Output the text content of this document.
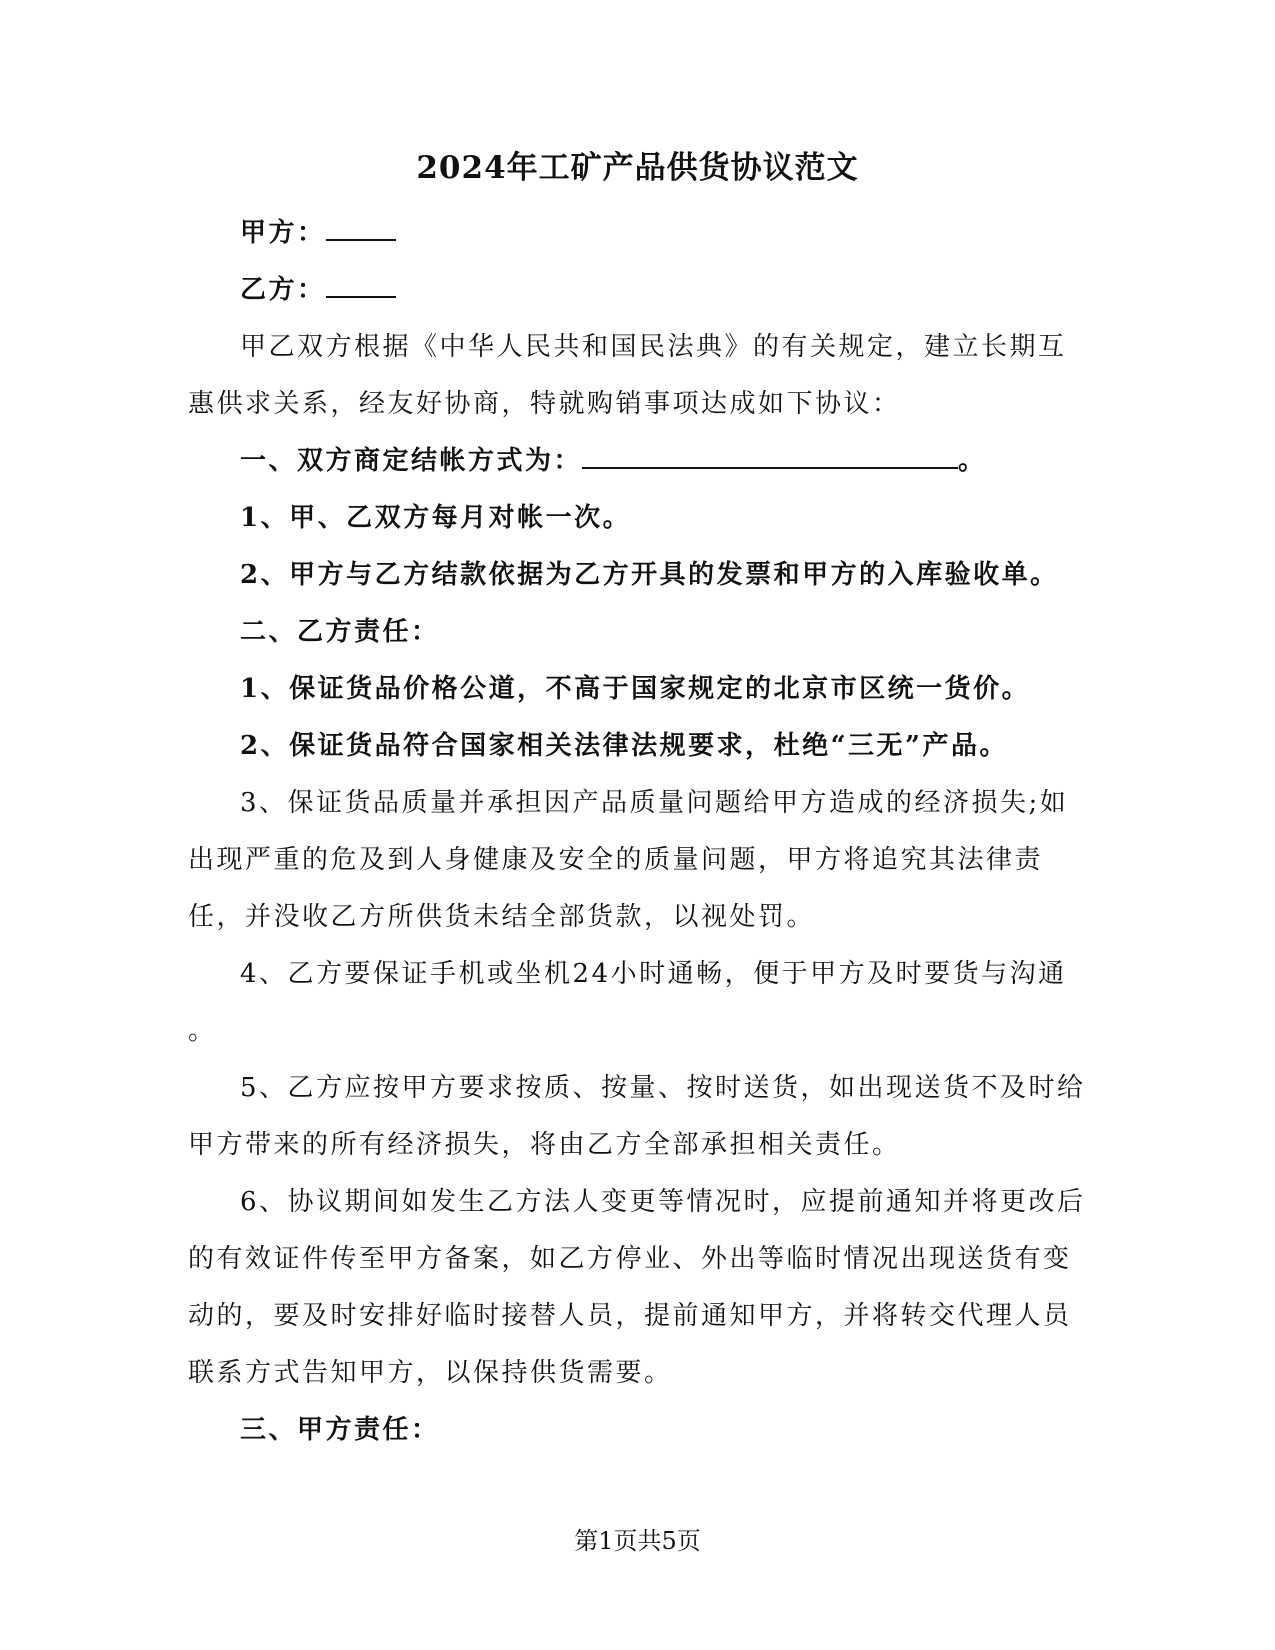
2024年工矿产品供货协议范文

甲方：

乙方：

甲乙双方根据《中华人民共和国民法典》的有关规定，建立长期互惠供求关系，经友好协商，特就购销事项达成如下协议：

一、双方商定结帐方式为：	。

1、甲、乙双方每月对帐一次。

2、甲方与乙方结款依据为乙方开具的发票和甲方的入库验收单。

二、乙方责任：

1、保证货品价格公道，不高于国家规定的北京市区统一货价。

2、保证货品符合国家相关法律法规要求，杜绝“三无”产品。

3、保证货品质量并承担因产品质量问题给甲方造成的经济损失;如出现严重的危及到人身健康及安全的质量问题，甲方将追究其法律责任，并没收乙方所供货未结全部货款，以视处罚。

4、乙方要保证手机或坐机24小时通畅，便于甲方及时要货与沟通

。

5、乙方应按甲方要求按质、按量、按时送货，如出现送货不及时给甲方带来的所有经济损失，将由乙方全部承担相关责任。

6、协议期间如发生乙方法人变更等情况时，应提前通知并将更改后的有效证件传至甲方备案，如乙方停业、外出等临时情况出现送货有变动的，要及时安排好临时接替人员，提前通知甲方，并将转交代理人员联系方式告知甲方，以保持供货需要。

三、甲方责任：

第1页共5页
